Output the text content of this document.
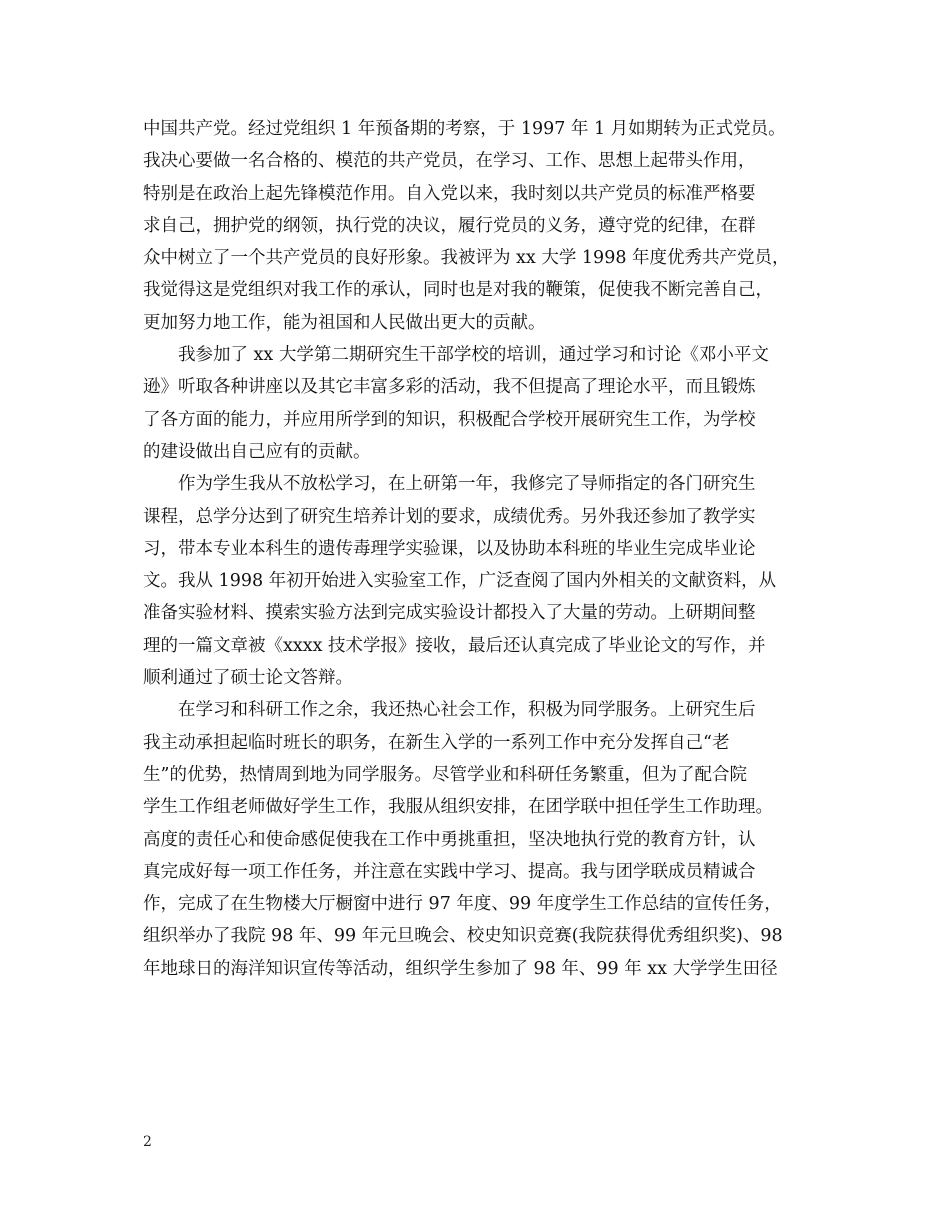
中国共产党。经过党组织 1 年预备期的考察，于 1997 年 1 月如期转为正式党员。
我决心要做一名合格的、模范的共产党员，在学习、工作、思想上起带头作用，
特别是在政治上起先锋模范作用。自入党以来，我时刻以共产党员的标准严格要
求自己，拥护党的纲领，执行党的决议，履行党员的义务，遵守党的纪律，在群
众中树立了一个共产党员的良好形象。我被评为 xx 大学 1998 年度优秀共产党员，
我觉得这是党组织对我工作的承认，同时也是对我的鞭策，促使我不断完善自己，
更加努力地工作，能为祖国和人民做出更大的贡献。
我参加了 xx 大学第二期研究生干部学校的培训，通过学习和讨论《邓小平文
逊》听取各种讲座以及其它丰富多彩的活动，我不但提高了理论水平，而且锻炼
了各方面的能力，并应用所学到的知识，积极配合学校开展研究生工作，为学校
的建设做出自己应有的贡献。
作为学生我从不放松学习，在上研第一年，我修完了导师指定的各门研究生
课程，总学分达到了研究生培养计划的要求，成绩优秀。另外我还参加了教学实
习，带本专业本科生的遗传毒理学实验课，以及协助本科班的毕业生完成毕业论
文。我从 1998 年初开始进入实验室工作，广泛查阅了国内外相关的文献资料，从
准备实验材料、摸索实验方法到完成实验设计都投入了大量的劳动。上研期间整
理的一篇文章被《xxxx 技术学报》接收，最后还认真完成了毕业论文的写作，并
顺利通过了硕士论文答辩。
在学习和科研工作之余，我还热心社会工作，积极为同学服务。上研究生后
我主动承担起临时班长的职务，在新生入学的一系列工作中充分发挥自己“老
生”的优势，热情周到地为同学服务。尽管学业和科研任务繁重，但为了配合院
学生工作组老师做好学生工作，我服从组织安排，在团学联中担任学生工作助理。
高度的责任心和使命感促使我在工作中勇挑重担，坚决地执行党的教育方针，认
真完成好每一项工作任务，并注意在实践中学习、提高。我与团学联成员精诚合
作，完成了在生物楼大厅橱窗中进行 97 年度、99 年度学生工作总结的宣传任务，
组织举办了我院 98 年、99 年元旦晚会、校史知识竞赛(我院获得优秀组织奖)、98
年地球日的海洋知识宣传等活动，组织学生参加了 98 年、99 年 xx 大学学生田径
2
